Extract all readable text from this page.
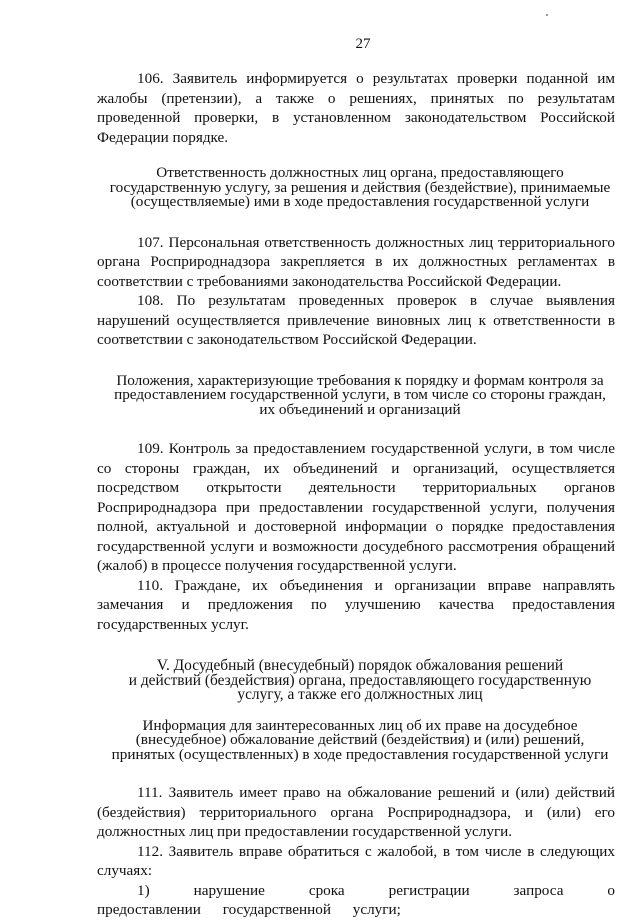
27

106. Заявитель информируется о результатах проверки поданной им жалобы (претензии), а также о решениях, принятых по результатам проведенной проверки, в установленном законодательством Российской Федерации порядке.

Ответственность должностных лиц органа, предоставляющего государственную услугу, за решения и действия (бездействие), принимаемые (осуществляемые) ими в ходе предоставления государственной услуги

107. Персональная ответственность должностных лиц территориального органа Росприроднадзора закрепляется в их должностных регламентах в соответствии с требованиями законодательства Российской Федерации.

108. По результатам проведенных проверок в случае выявления нарушений осуществляется привлечение виновных лиц к ответственности в соответствии с законодательством Российской Федерации.

Положения, характеризующие требования к порядку и формам контроля за предоставлением государственной услуги, в том числе со стороны граждан, их объединений и организаций

109. Контроль за предоставлением государственной услуги, в том числе со стороны граждан, их объединений и организаций, осуществляется посредством открытости деятельности территориальных органов Росприроднадзора при предоставлении государственной услуги, получения полной, актуальной и достоверной информации о порядке предоставления государственной услуги и возможности досудебного рассмотрения обращений (жалоб) в процессе получения государственной услуги.

110. Граждане, их объединения и организации вправе направлять замечания и предложения по улучшению качества предоставления государственных услуг.

V. Досудебный (внесудебный) порядок обжалования решений
и действий (бездействия) органа, предоставляющего государственную
услугу, а также его должностных лиц
Информация для заинтересованных лиц об их праве на досудебное (внесудебное) обжалование действий (бездействия) и (или) решений, принятых (осуществленных) в ходе предоставления государственной услуги

111. Заявитель имеет право на обжалование решений и (или) действий (бездействия) территориального органа Росприроднадзора, и (или) его должностных лиц при предоставлении государственной услуги.

112. Заявитель вправе обратиться с жалобой, в том числе в следующих случаях:

1) нарушение срока регистрации запроса о предоставлении государственной услуги;
